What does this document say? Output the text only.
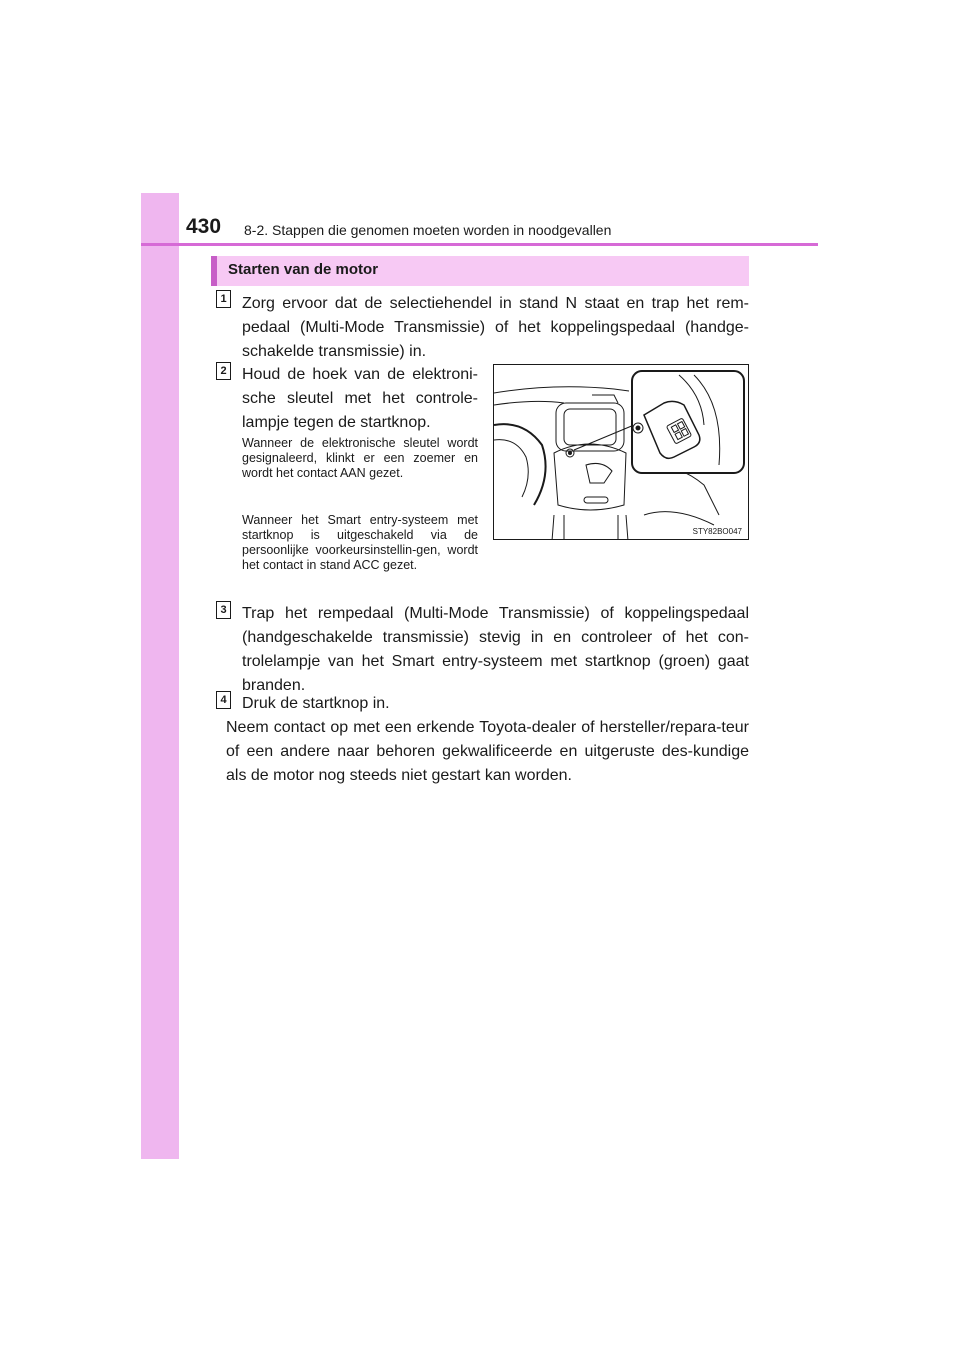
430 8-2. Stappen die genomen moeten worden in noodgevallen
Starten van de motor
1 Zorg ervoor dat de selectiehendel in stand N staat en trap het rem-pedaal (Multi-Mode Transmissie) of het koppelingspedaal (handge-schakelde transmissie) in.
2 Houd de hoek van de elektroni-sche sleutel met het controle-lampje tegen de startknop.
Wanneer de elektronische sleutel wordt gesignaleerd, klinkt er een zoemer en wordt het contact AAN gezet.
Wanneer het Smart entry-systeem met startknop is uitgeschakeld via de persoonlijke voorkeursinstellin-gen, wordt het contact in stand ACC gezet.
STY82BO047
3 Trap het rempedaal (Multi-Mode Transmissie) of koppelingspedaal (handgeschakelde transmissie) stevig in en controleer of het con-trolelampje van het Smart entry-systeem met startknop (groen) gaat branden.
4 Druk de startknop in.
Neem contact op met een erkende Toyota-dealer of hersteller/repara-teur of een andere naar behoren gekwalificeerde en uitgeruste des-kundige als de motor nog steeds niet gestart kan worden.
